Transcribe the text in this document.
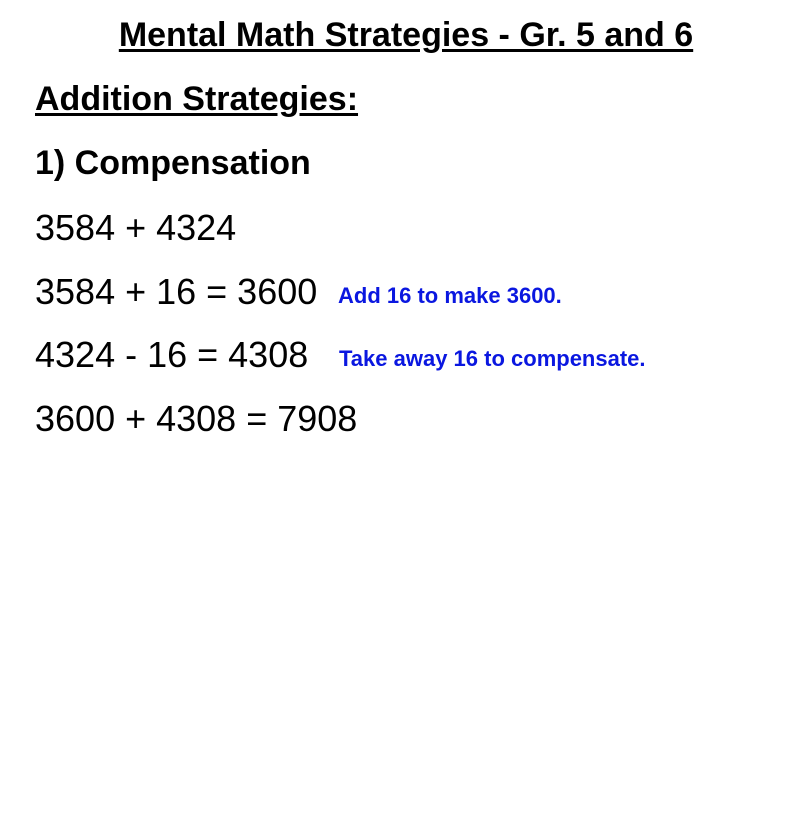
Mental Math Strategies - Gr. 5 and 6
Addition Strategies:
1) Compensation
3584 + 4324
3584 + 16 = 3600 Add 16 to make 3600.
4324 - 16 = 4308 Take away 16 to compensate.
3600 + 4308 = 7908
